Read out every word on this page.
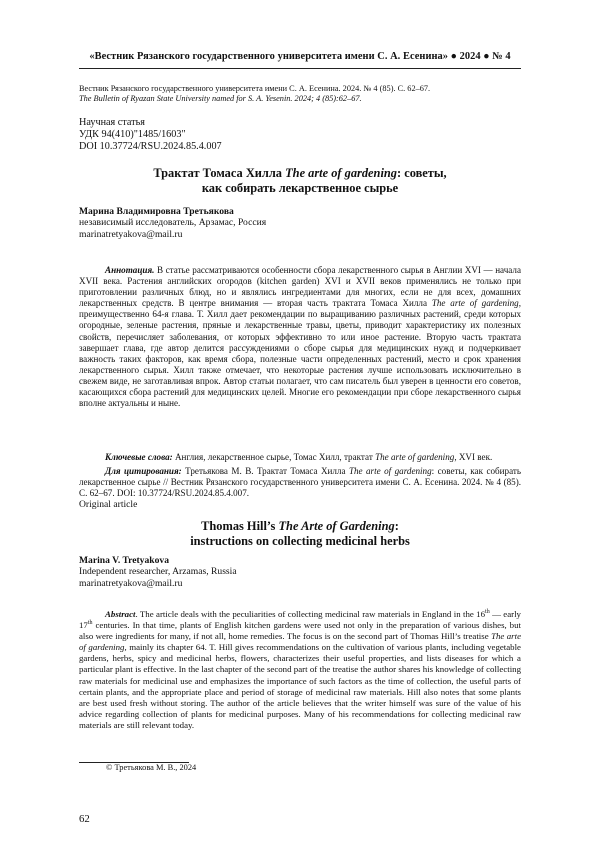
«Вестник Рязанского государственного университета имени С. А. Есенина» ● 2024 ● № 4
Вестник Рязанского государственного университета имени С. А. Есенина. 2024. № 4 (85). С. 62–67.
The Bulletin of Ryazan State University named for S. A. Yesenin. 2024; 4 (85):62–67.
Научная статья
УДК 94(410)"1485/1603"
DOI 10.37724/RSU.2024.85.4.007
Трактат Томаса Хилла The arte of gardening: советы,
как собирать лекарственное сырье
Марина Владимировна Третьякова
независимый исследователь, Арзамас, Россия
marinatretyakova@mail.ru

Аннотация. В статье рассматриваются особенности сбора лекарственного сырья в Англии XVI — начала XVII века. Растения английских огородов (kitchen garden) XVI и XVII веков применялись не только при приготовлении различных блюд, но и являлись ингредиентами для многих, если не для всех, домашних лекарственных средств. В центре внимания — вторая часть трактата Томаса Хилла The arte of gardening, преимущественно 64-я глава. Т. Хилл дает рекомендации по выращиванию различных растений, среди которых огородные, зеленые растения, пряные и лекарственные травы, цветы, приводит характеристику их полезных свойств, перечисляет заболевания, от которых эффективно то или иное растение. Вторую часть трактата завершает глава, где автор делится рассуждениями о сборе сырья для медицинских нужд и подчеркивает важность таких факторов, как время сбора, полезные части определенных растений, место и срок хранения лекарственного сырья. Хилл также отмечает, что некоторые растения лучше использовать исключительно в свежем виде, не заготавливая впрок. Автор статьи полагает, что сам писатель был уверен в ценности его советов, касающихся сбора растений для медицинских целей. Многие его рекомендации при сборе лекарственного сырья вполне актуальны и ныне.

Ключевые слова: Англия, лекарственное сырье, Томас Хилл, трактат The arte of gardening, XVI век.

Для цитирования: Третьякова М. В. Трактат Томаса Хилла The arte of gardening: советы, как собирать лекарственное сырье // Вестник Рязанского государственного университета имени С. А. Есенина. 2024. № 4 (85). С. 62–67. DOI: 10.37724/RSU.2024.85.4.007.

Original article
Thomas Hill’s The Arte of Gardening:
instructions on collecting medicinal herbs
Marina V. Tretyakova
Independent researcher, Arzamas, Russia
marinatretyakova@mail.ru

Abstract. The article deals with the peculiarities of collecting medicinal raw materials in England in the 16th — early 17th centuries. In that time, plants of English kitchen gardens were used not only in the preparation of various dishes, but also were ingredients for many, if not all, home remedies. The focus is on the second part of Thomas Hill’s treatise The arte of gardening, mainly its chapter 64. T. Hill gives recommendations on the cultivation of various plants, including vegetable gardens, herbs, spicy and medicinal herbs, flowers, characterizes their useful properties, and lists diseases for which a particular plant is effective. In the last chapter of the second part of the treatise the author shares his knowledge of collecting raw materials for medicinal use and emphasizes the importance of such factors as the time of collection, the useful parts of certain plants, and the appropriate place and period of storage of medicinal raw materials. Hill also notes that some plants are best used fresh without storing. The author of the article believes that the writer himself was sure of the value of his advice regarding collection of plants for medicinal purposes. Many of his recommendations for collecting medicinal raw materials are still relevant today.

© Третьякова М. В., 2024
62
